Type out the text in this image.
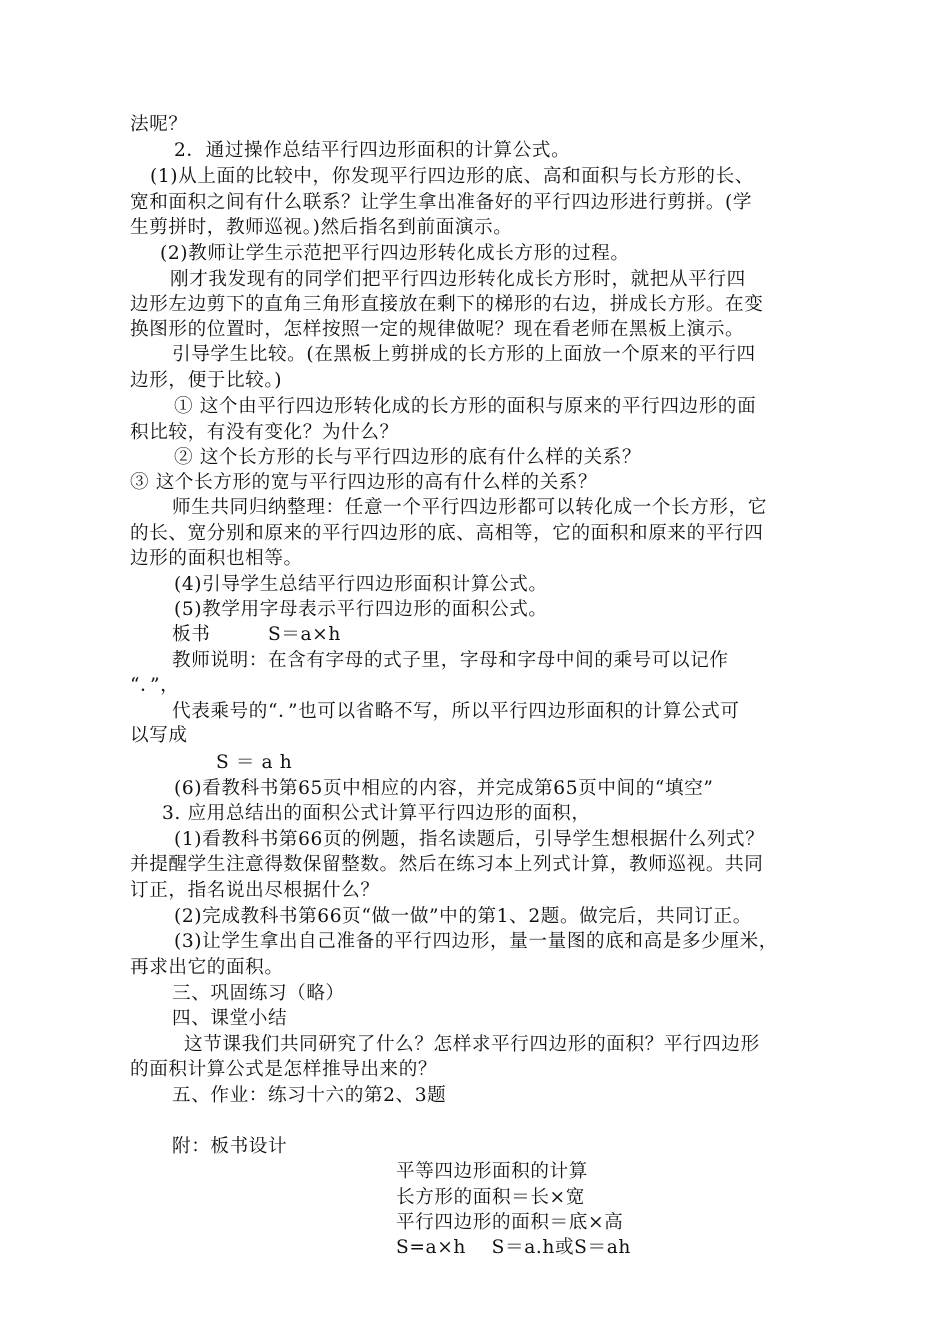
法呢？
2．通过操作总结平行四边形面积的计算公式。
(1)从上面的比较中，你发现平行四边形的底、高和面积与长方形的长、
宽和面积之间有什么联系？让学生拿出准备好的平行四边形进行剪拼。(学
生剪拼时，教师巡视。)然后指名到前面演示。
(2)教师让学生示范把平行四边形转化成长方形的过程。
刚才我发现有的同学们把平行四边形转化成长方形时，就把从平行四
边形左边剪下的直角三角形直接放在剩下的梯形的右边，拼成长方形。在变
换图形的位置时，怎样按照一定的规律做呢？现在看老师在黑板上演示。
引导学生比较。(在黑板上剪拼成的长方形的上面放一个原来的平行四
边形，便于比较。)
① 这个由平行四边形转化成的长方形的面积与原来的平行四边形的面
积比较，有没有变化？为什么？
② 这个长方形的长与平行四边形的底有什么样的关系？
③ 这个长方形的宽与平行四边形的高有什么样的关系？
师生共同归纳整理：任意一个平行四边形都可以转化成一个长方形，它
的长、宽分别和原来的平行四边形的底、高相等，它的面积和原来的平行四
边形的面积也相等。
(4)引导学生总结平行四边形面积计算公式。
(5)教学用字母表示平行四边形的面积公式。
板书　　　S＝a×h
教师说明：在含有字母的式子里，字母和字母中间的乘号可以记作
“．”，
代表乘号的“．”也可以省略不写，所以平行四边形面积的计算公式可
以写成
S ＝ a h
(6)看教科书第65页中相应的内容，并完成第65页中间的“填空”
3. 应用总结出的面积公式计算平行四边形的面积，
(1)看教科书第66页的例题，指名读题后，引导学生想根据什么列式？
并提醒学生注意得数保留整数。然后在练习本上列式计算，教师巡视。共同
订正，指名说出尽根据什么？
(2)完成教科书第66页“做一做”中的第1、2题。做完后，共同订正。
(3)让学生拿出自己准备的平行四边形，量一量图的底和高是多少厘米，
再求出它的面积。
三、巩固练习（略）
四、课堂小结
这节课我们共同研究了什么？怎样求平行四边形的面积？平行四边形
的面积计算公式是怎样推导出来的？
五、作业：练习十六的第2、3题
附：板书设计
平等四边形面积的计算
长方形的面积＝长×宽
平行四边形的面积＝底×高
S=a×h　 S＝a.h或S＝ah
